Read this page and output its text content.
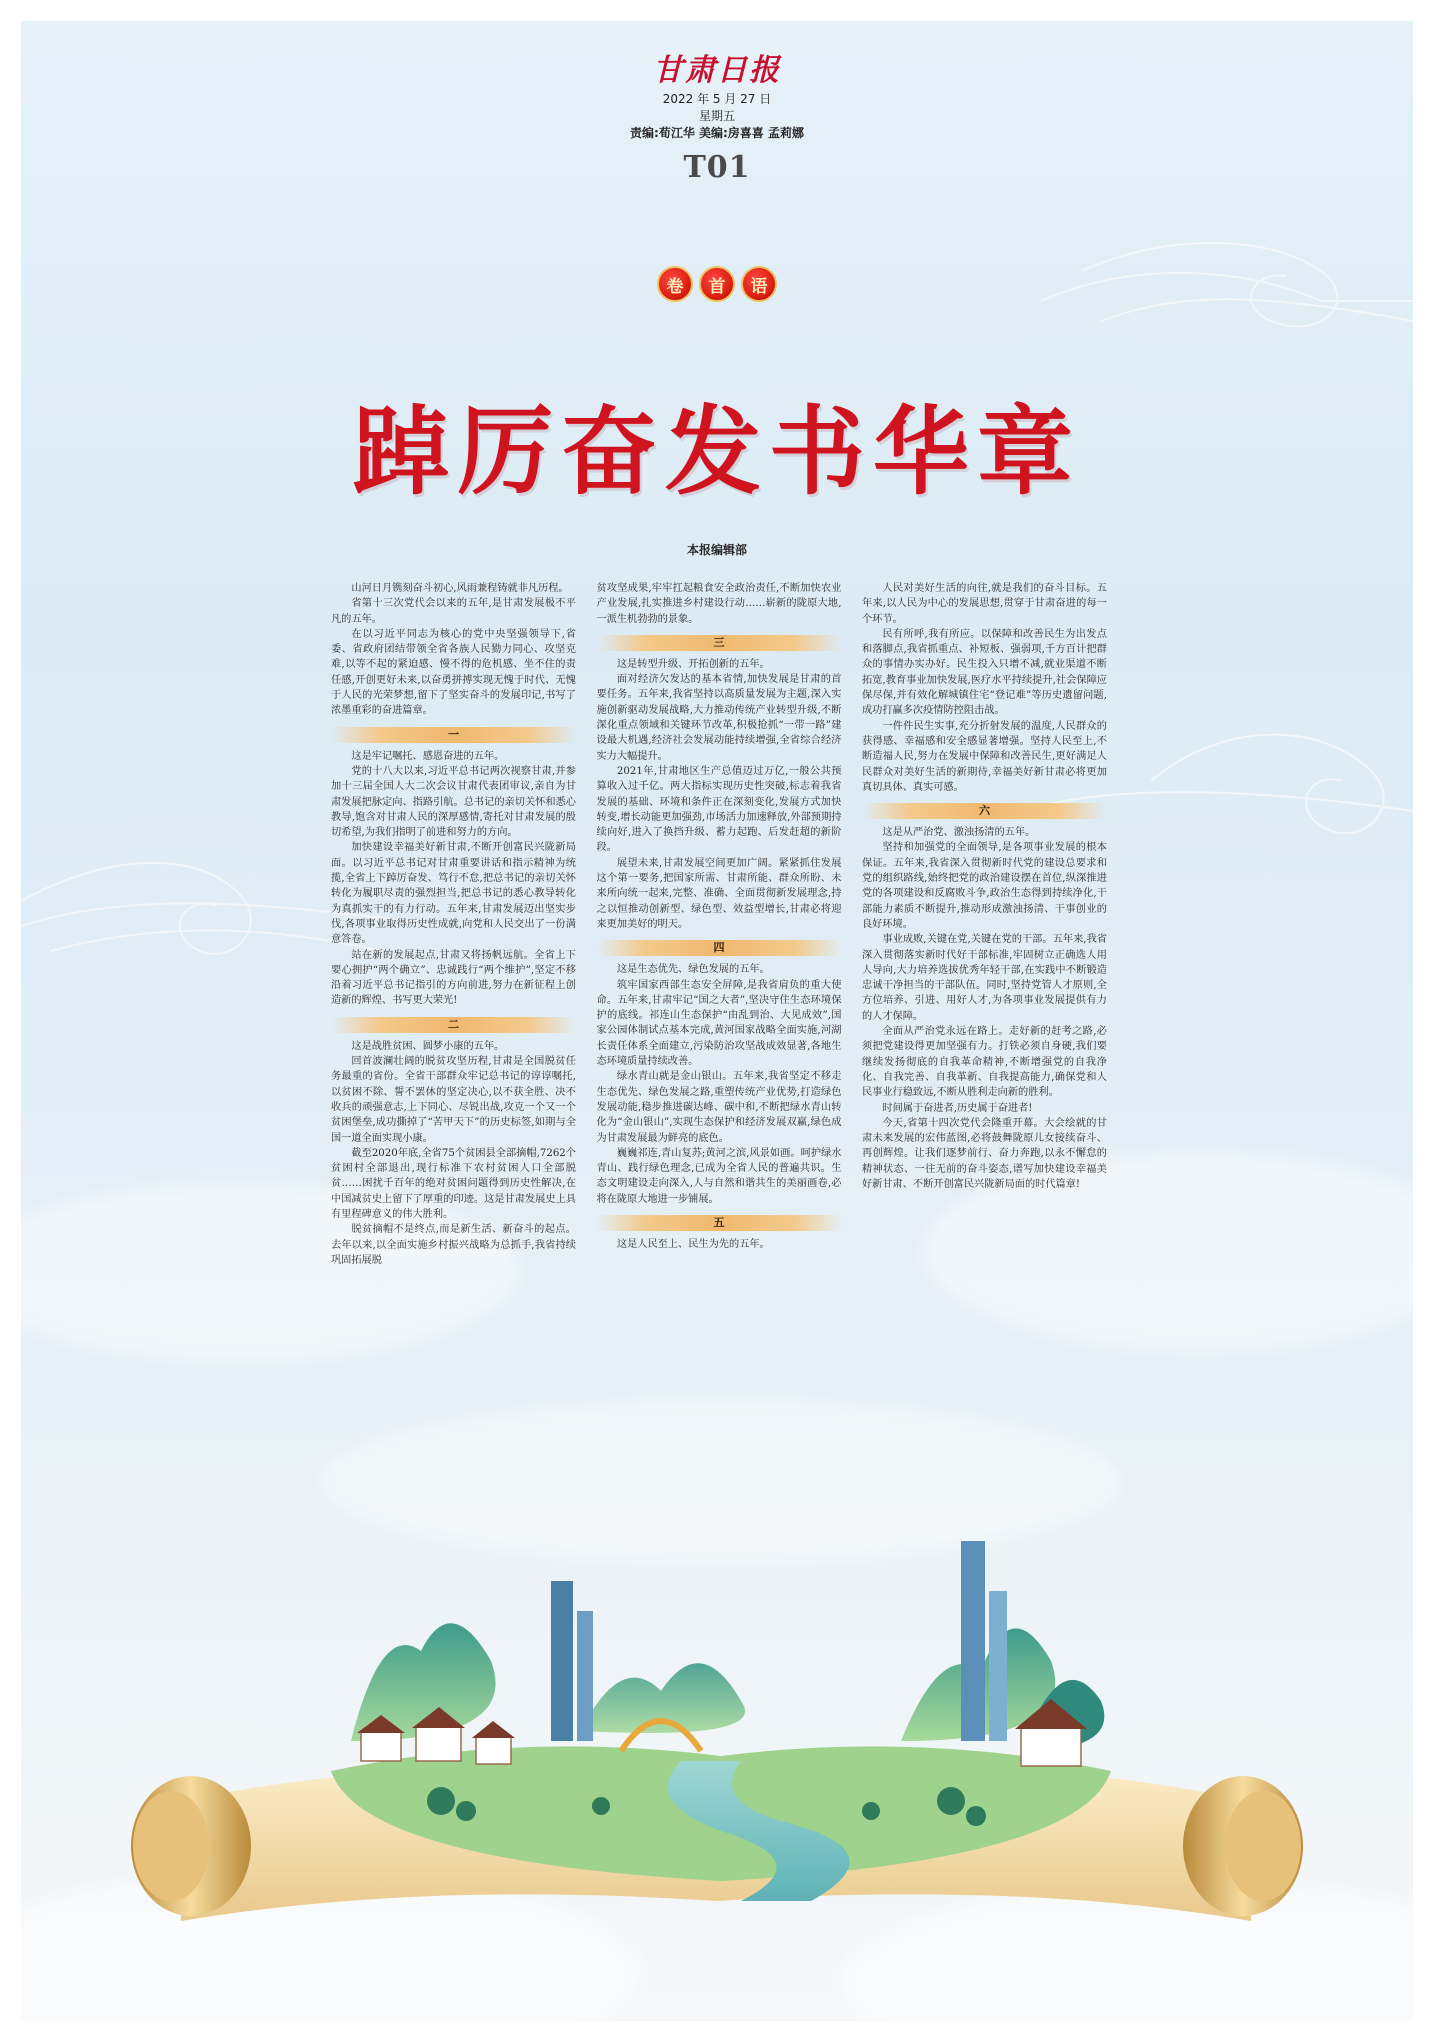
甘肃日报
2022 年 5 月 27 日
星期五
责编:荀江华 美编:房喜喜 孟莉娜
T01
卷	首	语
踔厉奋发书华章
本报编辑部

山河日月镌刻奋斗初心,风雨兼程铸就非凡历程。

省第十三次党代会以来的五年,是甘肃发展极不平凡的五年。

在以习近平同志为核心的党中央坚强领导下,省委、省政府团结带领全省各族人民勠力同心、攻坚克难,以等不起的紧迫感、慢不得的危机感、坐不住的责任感,开创更好未来,以奋勇拼搏实现无愧于时代、无愧于人民的光荣梦想,留下了坚实奋斗的发展印记,书写了浓墨重彩的奋进篇章。

一

这是牢记嘱托、感恩奋进的五年。

党的十八大以来,习近平总书记两次视察甘肃,并参加十三届全国人大二次会议甘肃代表团审议,亲自为甘肃发展把脉定向、指路引航。总书记的亲切关怀和悉心教导,饱含对甘肃人民的深厚感情,寄托对甘肃发展的殷切希望,为我们指明了前进和努力的方向。

加快建设幸福美好新甘肃,不断开创富民兴陇新局面。以习近平总书记对甘肃重要讲话和指示精神为统揽,全省上下踔厉奋发、笃行不怠,把总书记的亲切关怀转化为履职尽责的强烈担当,把总书记的悉心教导转化为真抓实干的有力行动。五年来,甘肃发展迈出坚实步伐,各项事业取得历史性成就,向党和人民交出了一份满意答卷。

站在新的发展起点,甘肃又将扬帆远航。全省上下要心拥护“两个确立”、忠诚践行“两个维护”,坚定不移沿着习近平总书记指引的方向前进,努力在新征程上创造新的辉煌、书写更大荣光!

二

这是战胜贫困、圆梦小康的五年。

回首波澜壮阔的脱贫攻坚历程,甘肃是全国脱贫任务最重的省份。全省干部群众牢记总书记的谆谆嘱托,以贫困不除、誓不罢休的坚定决心,以不获全胜、决不收兵的顽强意志,上下同心、尽锐出战,攻克一个又一个贫困堡垒,成功撕掉了“苦甲天下”的历史标签,如期与全国一道全面实现小康。

截至2020年底,全省75个贫困县全部摘帽,7262个贫困村全部退出,现行标准下农村贫困人口全部脱贫……困扰千百年的绝对贫困问题得到历史性解决,在中国减贫史上留下了厚重的印迹。这是甘肃发展史上具有里程碑意义的伟大胜利。

脱贫摘帽不是终点,而是新生活、新奋斗的起点。去年以来,以全面实施乡村振兴战略为总抓手,我省持续巩固拓展脱

贫攻坚成果,牢牢扛起粮食安全政治责任,不断加快农业产业发展,扎实推进乡村建设行动……崭新的陇原大地,一派生机勃勃的景象。

三

这是转型升级、开拓创新的五年。

面对经济欠发达的基本省情,加快发展是甘肃的首要任务。五年来,我省坚持以高质量发展为主题,深入实施创新驱动发展战略,大力推动传统产业转型升级,不断深化重点领域和关键环节改革,积极抢抓“一带一路”建设最大机遇,经济社会发展动能持续增强,全省综合经济实力大幅提升。

2021年,甘肃地区生产总值迈过万亿,一般公共预算收入过千亿。两大指标实现历史性突破,标志着我省发展的基础、环境和条件正在深刻变化,发展方式加快转变,增长动能更加强劲,市场活力加速释放,外部预期持续向好,进入了换挡升级、蓄力起跑、后发赶超的新阶段。

展望未来,甘肃发展空间更加广阔。紧紧抓住发展这个第一要务,把国家所需、甘肃所能、群众所盼、未来所向统一起来,完整、准确、全面贯彻新发展理念,持之以恒推动创新型、绿色型、效益型增长,甘肃必将迎来更加美好的明天。

四

这是生态优先、绿色发展的五年。

筑牢国家西部生态安全屏障,是我省肩负的重大使命。五年来,甘肃牢记“国之大者”,坚决守住生态环境保护的底线。祁连山生态保护“由乱到治、大见成效”,国家公园体制试点基本完成,黄河国家战略全面实施,河湖长责任体系全面建立,污染防治攻坚战成效显著,各地生态环境质量持续改善。

绿水青山就是金山银山。五年来,我省坚定不移走生态优先、绿色发展之路,重塑传统产业优势,打造绿色发展动能,稳步推进碳达峰、碳中和,不断把绿水青山转化为“金山银山”,实现生态保护和经济发展双赢,绿色成为甘肃发展最为鲜亮的底色。

巍巍祁连,青山复苏;黄河之滨,风景如画。呵护绿水青山、践行绿色理念,已成为全省人民的普遍共识。生态文明建设走向深入,人与自然和谐共生的美丽画卷,必将在陇原大地进一步铺展。

五

这是人民至上、民生为先的五年。

人民对美好生活的向往,就是我们的奋斗目标。五年来,以人民为中心的发展思想,贯穿于甘肃奋进的每一个环节。

民有所呼,我有所应。以保障和改善民生为出发点和落脚点,我省抓重点、补短板、强弱项,千方百计把群众的事情办实办好。民生投入只增不减,就业渠道不断拓宽,教育事业加快发展,医疗水平持续提升,社会保障应保尽保,并有效化解城镇住宅“登记难”等历史遗留问题,成功打赢多次疫情防控阻击战。

一件件民生实事,充分折射发展的温度,人民群众的获得感、幸福感和安全感显著增强。坚持人民至上,不断造福人民,努力在发展中保障和改善民生,更好满足人民群众对美好生活的新期待,幸福美好新甘肃必将更加真切具体、真实可感。

六

这是从严治党、激浊扬清的五年。

坚持和加强党的全面领导,是各项事业发展的根本保证。五年来,我省深入贯彻新时代党的建设总要求和党的组织路线,始终把党的政治建设摆在首位,纵深推进党的各项建设和反腐败斗争,政治生态得到持续净化,干部能力素质不断提升,推动形成激浊扬清、干事创业的良好环境。

事业成败,关键在党,关键在党的干部。五年来,我省深入贯彻落实新时代好干部标准,牢固树立正确选人用人导向,大力培养选拔优秀年轻干部,在实践中不断锻造忠诚干净担当的干部队伍。同时,坚持党管人才原则,全方位培养、引进、用好人才,为各项事业发展提供有力的人才保障。

全面从严治党永远在路上。走好新的赶考之路,必须把党建设得更加坚强有力。打铁必须自身硬,我们要继续发扬彻底的自我革命精神,不断增强党的自我净化、自我完善、自我革新、自我提高能力,确保党和人民事业行稳致远,不断从胜利走向新的胜利。

时间属于奋进者,历史属于奋进者!

今天,省第十四次党代会隆重开幕。大会绘就的甘肃未来发展的宏伟蓝图,必将鼓舞陇原儿女接续奋斗、再创辉煌。让我们逐梦前行、奋力奔跑,以永不懈怠的精神状态、一往无前的奋斗姿态,谱写加快建设幸福美好新甘肃、不断开创富民兴陇新局面的时代篇章!
